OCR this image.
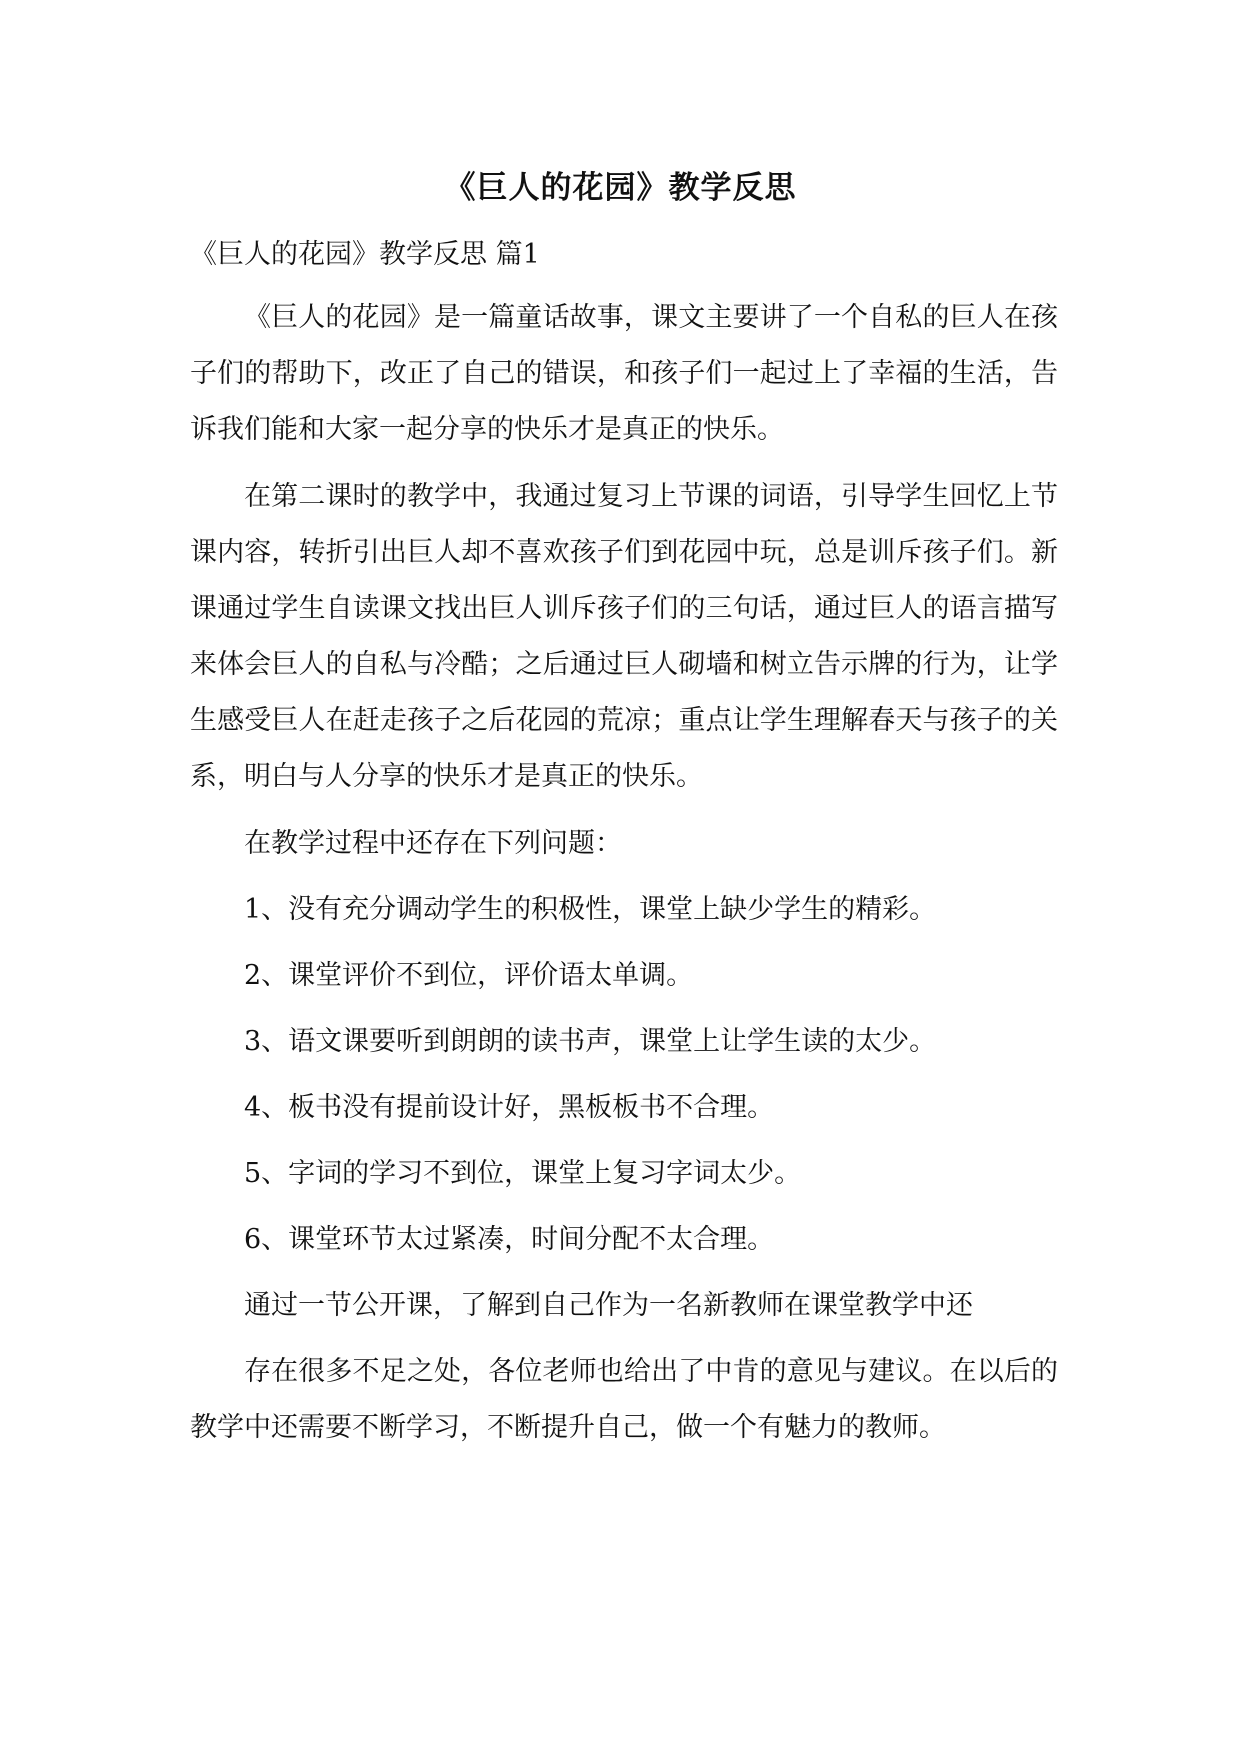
《巨人的花园》教学反思

《巨人的花园》教学反思 篇1

《巨人的花园》是一篇童话故事，课文主要讲了一个自私的巨人在孩子们的帮助下，改正了自己的错误，和孩子们一起过上了幸福的生活，告诉我们能和大家一起分享的快乐才是真正的快乐。

在第二课时的教学中，我通过复习上节课的词语，引导学生回忆上节课内容，转折引出巨人却不喜欢孩子们到花园中玩，总是训斥孩子们。新课通过学生自读课文找出巨人训斥孩子们的三句话，通过巨人的语言描写来体会巨人的自私与冷酷；之后通过巨人砌墙和树立告示牌的行为，让学生感受巨人在赶走孩子之后花园的荒凉；重点让学生理解春天与孩子的关系，明白与人分享的快乐才是真正的快乐。

在教学过程中还存在下列问题：

1、没有充分调动学生的积极性，课堂上缺少学生的精彩。

2、课堂评价不到位，评价语太单调。

3、语文课要听到朗朗的读书声，课堂上让学生读的太少。

4、板书没有提前设计好，黑板板书不合理。

5、字词的学习不到位，课堂上复习字词太少。

6、课堂环节太过紧凑，时间分配不太合理。

通过一节公开课，了解到自己作为一名新教师在课堂教学中还

存在很多不足之处，各位老师也给出了中肯的意见与建议。在以后的教学中还需要不断学习，不断提升自己，做一个有魅力的教师。
